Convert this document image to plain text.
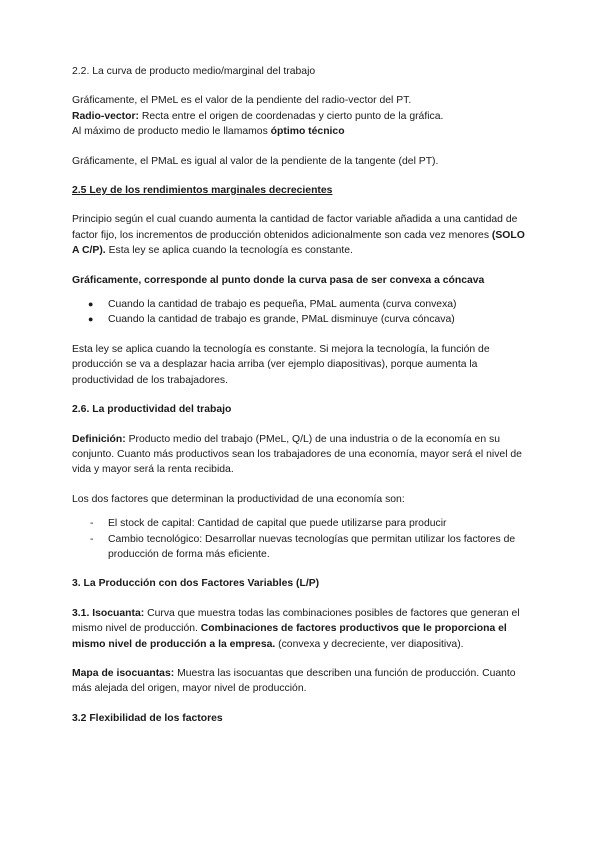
2.2. La curva de producto medio/marginal del trabajo

Gráficamente, el PMeL es el valor de la pendiente del radio-vector del PT.

Radio-vector: Recta entre el origen de coordenadas y cierto punto de la gráfica.

Al máximo de producto medio le llamamos óptimo técnico

Gráficamente, el PMaL es igual al valor de la pendiente de la tangente (del PT).

2.5 Ley de los rendimientos marginales decrecientes

Principio según el cual cuando aumenta la cantidad de factor variable añadida a una cantidad de factor fijo, los incrementos de producción obtenidos adicionalmente son cada vez menores (SOLO A C/P). Esta ley se aplica cuando la tecnología es constante.

Gráficamente, corresponde al punto donde la curva pasa de ser convexa a cóncava

● Cuando la cantidad de trabajo es pequeña, PMaL aumenta (curva convexa)
● Cuando la cantidad de trabajo es grande, PMaL disminuye (curva cóncava)

Esta ley se aplica cuando la tecnología es constante. Si mejora la tecnología, la función de producción se va a desplazar hacia arriba (ver ejemplo diapositivas), porque aumenta la productividad de los trabajadores.

2.6. La productividad del trabajo

Definición: Producto medio del trabajo (PMeL, Q/L) de una industria o de la economía en su conjunto. Cuanto más productivos sean los trabajadores de una economía, mayor será el nivel de vida y mayor será la renta recibida.

Los dos factores que determinan la productividad de una economía son:

- El stock de capital: Cantidad de capital que puede utilizarse para producir
- Cambio tecnológico: Desarrollar nuevas tecnologías que permitan utilizar los factores de producción de forma más eficiente.

3. La Producción con dos Factores Variables (L/P)

3.1. Isocuanta: Curva que muestra todas las combinaciones posibles de factores que generan el mismo nivel de producción. Combinaciones de factores productivos que le proporciona el mismo nivel de producción a la empresa. (convexa y decreciente, ver diapositiva).

Mapa de isocuantas: Muestra las isocuantas que describen una función de producción. Cuanto más alejada del origen, mayor nivel de producción.

3.2 Flexibilidad de los factores
